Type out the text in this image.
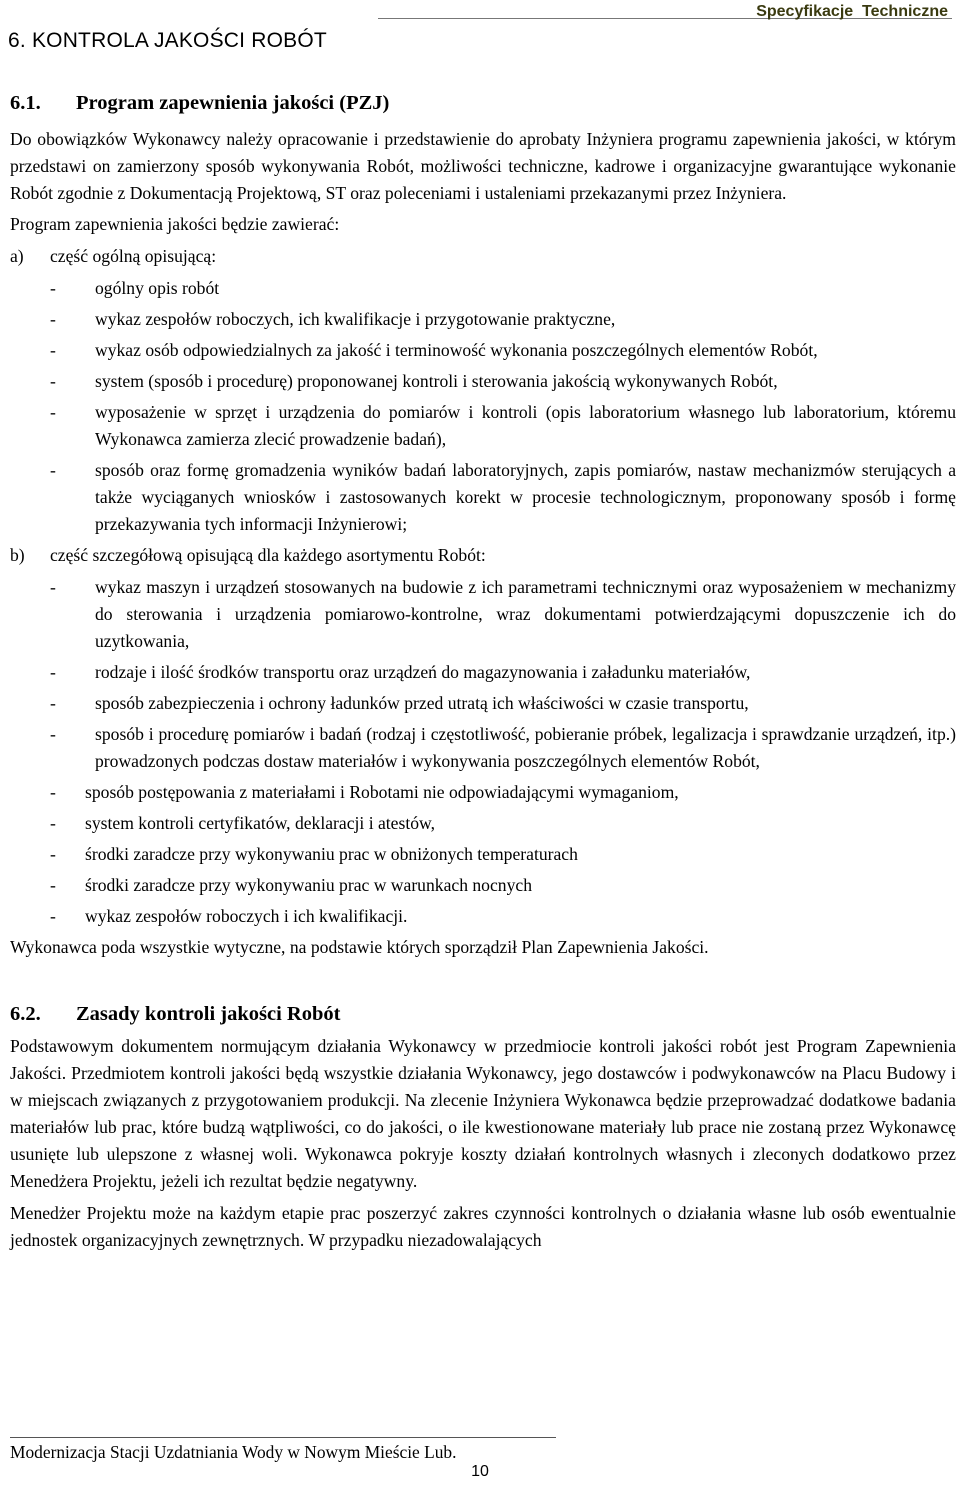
Specyfikacje  Techniczne
6. KONTROLA JAKOŚCI ROBÓT
6.1.	Program zapewnienia jakości (PZJ)
Do obowiązków Wykonawcy należy opracowanie i przedstawienie do aprobaty Inżyniera programu zapewnienia jakości, w którym przedstawi on zamierzony sposób wykonywania Robót, możliwości techniczne, kadrowe i organizacyjne gwarantujące wykonanie Robót zgodnie z Dokumentacją Projektową, ST oraz poleceniami i ustaleniami przekazanymi przez Inżyniera.
Program zapewnienia jakości będzie zawierać:
a)	część ogólną opisującą:
-	ogólny opis robót
-	wykaz zespołów roboczych, ich kwalifikacje i przygotowanie praktyczne,
-	wykaz osób odpowiedzialnych za jakość i terminowość wykonania poszczególnych elementów Robót,
-	system (sposób i procedurę) proponowanej kontroli i sterowania jakością wykonywanych Robót,
-	wyposażenie w sprzęt i urządzenia do pomiarów i kontroli (opis laboratorium własnego lub laboratorium, któremu Wykonawca zamierza zlecić prowadzenie badań),
-	sposób oraz formę gromadzenia wyników badań laboratoryjnych, zapis pomiarów, nastaw mechanizmów sterujących a także wyciąganych wniosków i zastosowanych korekt w procesie technologicznym, proponowany sposób i formę przekazywania tych informacji Inżynierowi;
b)	część szczegółową opisującą dla każdego asortymentu Robót:
-	wykaz maszyn i urządzeń stosowanych na budowie z ich parametrami technicznymi oraz wyposażeniem w mechanizmy do sterowania i urządzenia pomiarowo-kontrolne, wraz dokumentami potwierdzającymi dopuszczenie ich do uzytkowania,
-	rodzaje i ilość środków transportu oraz urządzeń do magazynowania i załadunku materiałów,
-	sposób zabezpieczenia i ochrony ładunków przed utratą ich właściwości w czasie transportu,
-	sposób i procedurę pomiarów i badań (rodzaj i częstotliwość, pobieranie próbek, legalizacja i sprawdzanie urządzeń, itp.) prowadzonych podczas dostaw materiałów i wykonywania poszczególnych elementów Robót,
-	sposób postępowania z materiałami i Robotami nie odpowiadającymi wymaganiom,
-	system kontroli certyfikatów, deklaracji i atestów,
-	środki zaradcze przy wykonywaniu prac w obniżonych temperaturach
-	środki zaradcze przy wykonywaniu prac w warunkach nocnych
-	wykaz zespołów roboczych i ich kwalifikacji.
Wykonawca poda wszystkie wytyczne, na podstawie których sporządził Plan Zapewnienia Jakości.
6.2.	Zasady kontroli jakości Robót
Podstawowym dokumentem normującym działania Wykonawcy w przedmiocie kontroli jakości robót jest Program Zapewnienia Jakości. Przedmiotem kontroli jakości będą wszystkie działania Wykonawcy, jego dostawców i podwykonawców na Placu Budowy i w miejscach związanych z przygotowaniem produkcji. Na zlecenie Inżyniera Wykonawca będzie przeprowadzać dodatkowe badania materiałów lub prac, które budzą wątpliwości, co do jakości, o ile kwestionowane materiały lub prace nie zostaną przez Wykonawcę usunięte lub ulepszone z własnej woli. Wykonawca pokryje koszty działań kontrolnych własnych i zleconych dodatkowo przez Menedżera Projektu, jeżeli ich rezultat będzie negatywny.
Menedżer Projektu może na każdym etapie prac poszerzyć zakres czynności kontrolnych o działania własne lub osób ewentualnie jednostek organizacyjnych zewnętrznych. W przypadku niezadowalających
Modernizacja Stacji Uzdatniania Wody w Nowym Mieście Lub.
10
